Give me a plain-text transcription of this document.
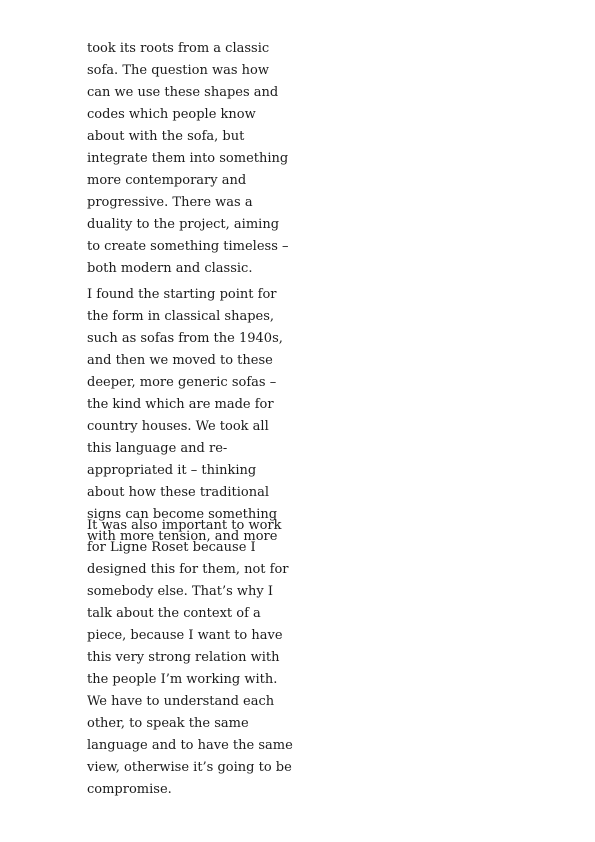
took its roots from a classic
sofa. The question was how
can we use these shapes and
codes which people know
about with the sofa, but
integrate them into something
more contemporary and
progressive. There was a
duality to the project, aiming
to create something timeless –
both modern and classic.

I found the starting point for
the form in classical shapes,
such as sofas from the 1940s,
and then we moved to these
deeper, more generic sofas –
the kind which are made for
country houses. We took all
this language and re-
appropriated it – thinking
about how these traditional
signs can become something
with more tension, and more

It was also important to work
for Ligne Roset because I
designed this for them, not for
somebody else. That’s why I
talk about the context of a
piece, because I want to have
this very strong relation with
the people I’m working with.
We have to understand each
other, to speak the same
language and to have the same
view, otherwise it’s going to be
compromise.
